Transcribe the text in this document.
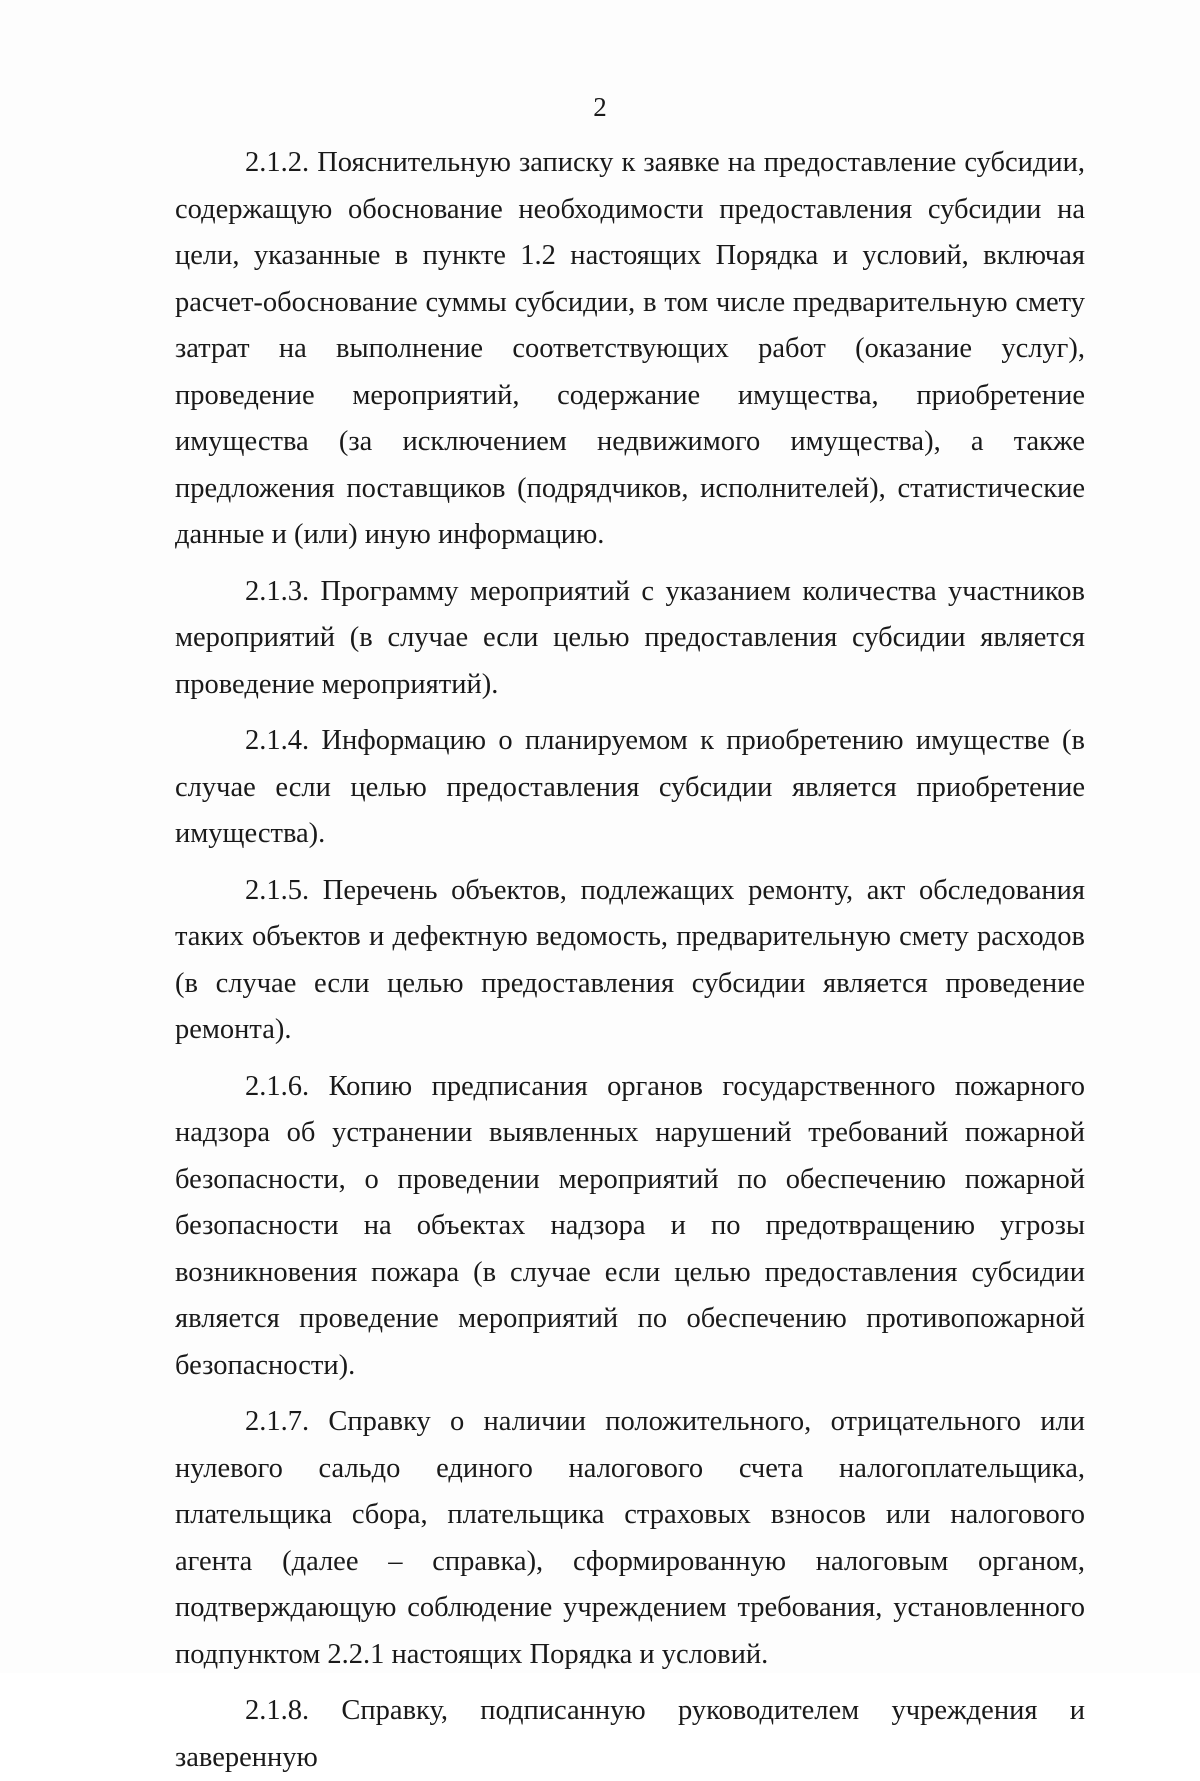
2

2.1.2. Пояснительную записку к заявке на предоставление субсидии, содержащую обоснование необходимости предоставления субсидии на цели, указанные в пункте 1.2 настоящих Порядка и условий, включая расчет-обоснование суммы субсидии, в том числе предварительную смету затрат на выполнение соответствующих работ (оказание услуг), проведение мероприятий, содержание имущества, приобретение имущества (за исключением недвижимого имущества), а также предложения поставщиков (подрядчиков, исполнителей), статистические данные и (или) иную информацию.

2.1.3. Программу мероприятий с указанием количества участников мероприятий (в случае если целью предоставления субсидии является проведение мероприятий).

2.1.4. Информацию о планируемом к приобретению имуществе (в случае если целью предоставления субсидии является приобретение имущества).

2.1.5. Перечень объектов, подлежащих ремонту, акт обследования таких объектов и дефектную ведомость, предварительную смету расходов (в случае если целью предоставления субсидии является проведение ремонта).

2.1.6. Копию предписания органов государственного пожарного надзора об устранении выявленных нарушений требований пожарной безопасности, о проведении мероприятий по обеспечению пожарной безопасности на объектах надзора и по предотвращению угрозы возникновения пожара (в случае если целью предоставления субсидии является проведение мероприятий по обеспечению противопожарной безопасности).

2.1.7. Справку о наличии положительного, отрицательного или нулевого сальдо единого налогового счета налогоплательщика, плательщика сбора, плательщика страховых взносов или налогового агента (далее – справка), сформированную налоговым органом, подтверждающую соблюдение учреждением требования, установленного подпунктом 2.2.1 настоящих Порядка и условий.

2.1.8. Справку, подписанную руководителем учреждения и заверенную
